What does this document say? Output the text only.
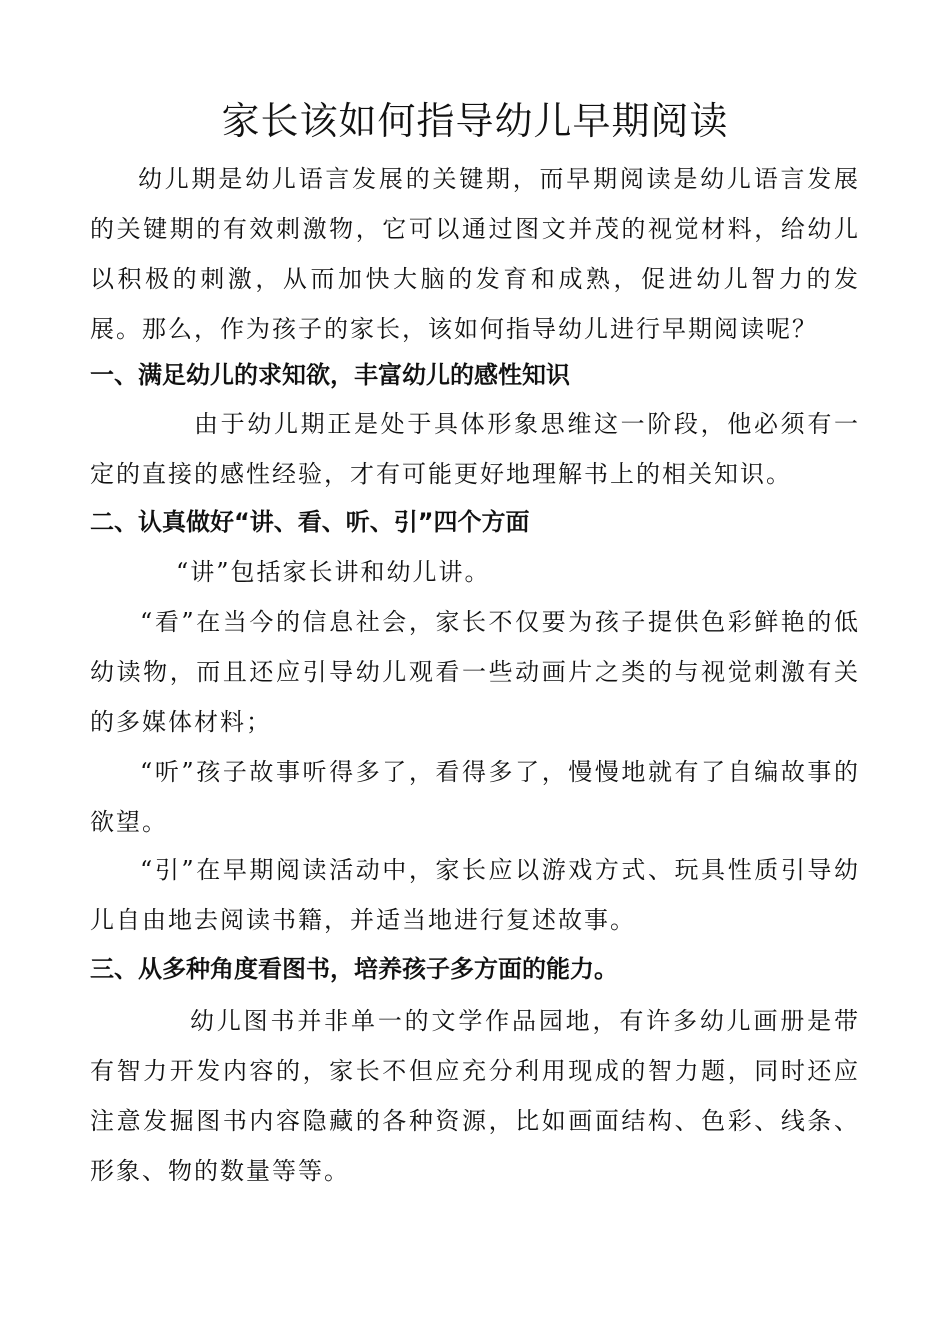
家长该如何指导幼儿早期阅读

幼儿期是幼儿语言发展的关键期，而早期阅读是幼儿语言发展的关键期的有效刺激物，它可以通过图文并茂的视觉材料，给幼儿以积极的刺激，从而加快大脑的发育和成熟，促进幼儿智力的发展。那么，作为孩子的家长，该如何指导幼儿进行早期阅读呢？

一、满足幼儿的求知欲，丰富幼儿的感性知识

由于幼儿期正是处于具体形象思维这一阶段，他必须有一定的直接的感性经验，才有可能更好地理解书上的相关知识。

二、认真做好“讲、看、听、引”四个方面

“讲”包括家长讲和幼儿讲。

“看”在当今的信息社会，家长不仅要为孩子提供色彩鲜艳的低幼读物，而且还应引导幼儿观看一些动画片之类的与视觉刺激有关的多媒体材料；

“听”孩子故事听得多了，看得多了，慢慢地就有了自编故事的欲望。

“引”在早期阅读活动中，家长应以游戏方式、玩具性质引导幼儿自由地去阅读书籍，并适当地进行复述故事。

三、从多种角度看图书，培养孩子多方面的能力。

幼儿图书并非单一的文学作品园地，有许多幼儿画册是带有智力开发内容的，家长不但应充分利用现成的智力题，同时还应注意发掘图书内容隐藏的各种资源，比如画面结构、色彩、线条、形象、物的数量等等。
